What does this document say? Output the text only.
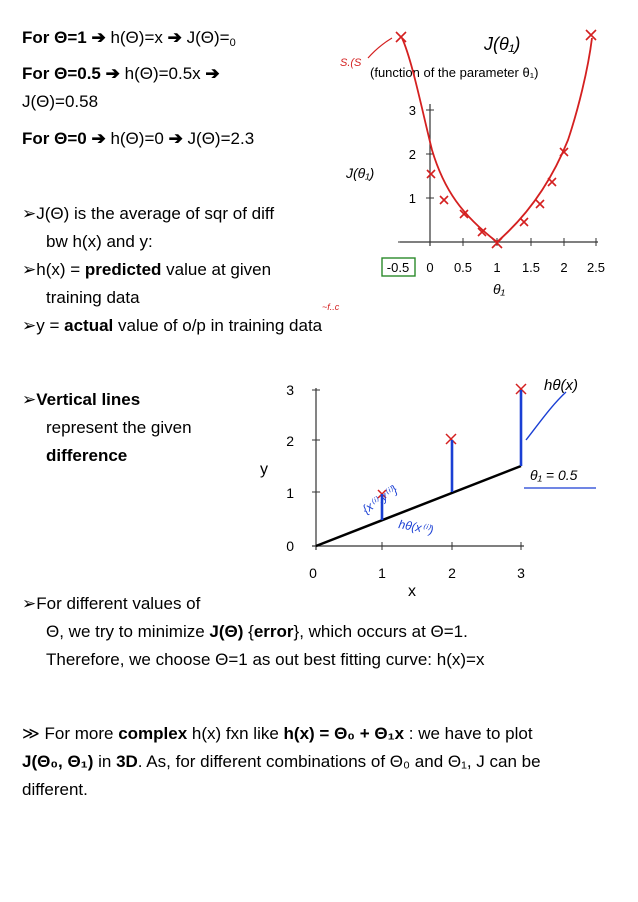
For Θ=1 ➔ h(Θ)=x ➔ $J(\Theta)=_0$
For Θ=0.5 ➔ h(Θ)=0.5x ➔
J(Θ)=0.58
For Θ=0 ➔ h(Θ)=0 ➔ J(Θ)=2.3
➢J(Θ) is the average of sqr of diff
bw h(x) and y:
➢h(x) = predicted value at given
training data
➢y = actual value of o/p in training data
➢Vertical lines
represent the given
difference
➢For different values of
Θ, we try to minimize J(Θ) {error}, which occurs at Θ=1.
Therefore, we choose Θ=1 as out best fitting curve: h(x)=x
≫ For more complex h(x) fxn like h(x) = Θ₀ + Θ₁x : we have to plot
J(Θ₀, Θ₁) in 3D. As, for different combinations of Θ₀ and Θ₁, J can be
different.
-0.5 0 0.5 1 1.5 2 2.5
1
2
3
J(θ₁)
(function of the parameter θ₁)
J(θ₁)
θ₁
S.(S
~f..c
0	1	2	3
0
1
2
3
y
x
hθ(x)
θ₁ = 0.5
{x⁽ⁱ⁾,y⁽ⁱ⁾}
hθ(x⁽ⁱ⁾)
